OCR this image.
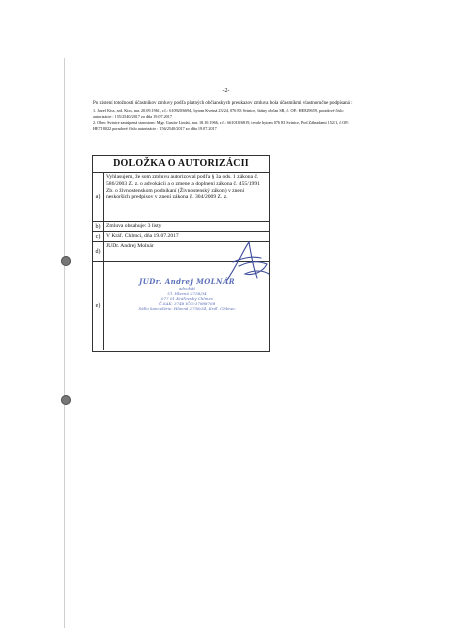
-2-

Po zistení totožnosti účastníkov zmluvy podľa platných občianskych preukazov zmluva bola účastníkmi vlastnoručne podpísaná :

1. Jozef Kiss, rod. Kiss, nar. 20.09.1961, r.č.: 610920/6694, bytom Kvetná 23/24, 076 83 Svinice, štátny občan SR, č. OP.: HE829659, poradové číslo autorizácie : 155/2540/2017 zo dňa 19.07.2017

2. Obec Svinice zastúpená starostom: Mgr. Gustáv Lindai, nar. 18.10.1966, r.č.: 661018/6819, trvale bytom 076 83 Svinice, Pod Záhradami 152/1, č.OP.: HE718022 poradové číslo autorizácie : 156/2540/2017 zo dňa 19.07.2017

DOLOŽKA O AUTORIZÁCII
a)
Vyhlasujem, že som zmluvu autorizoval podľa § 3a ods. 1 zákona č. 586/2003 Z. z. o advokácii a o zmene a doplnení zákona č. 455/1991 Zb. o živnostenskom podnikaní (Živnostenský zákon) v znení neskorších predpisov v znení zákona č. 304/2009 Z. z.
b) Zmluva obsahuje: 3 listy
c)	V Kráľ. Chlmci, dňa 19.07.2017
d)
JUDr. Andrej Molnár
e)
JUDr. Andrej MOLNÁR
advokát
Ul. Hlavná 2758/34
077 01 Kráľovský Chlmec
Č.SAK: 3748 IČO:37888768
Sídlo kancelárie: Hlavná 2758/34, Kráľ. Chlmec
